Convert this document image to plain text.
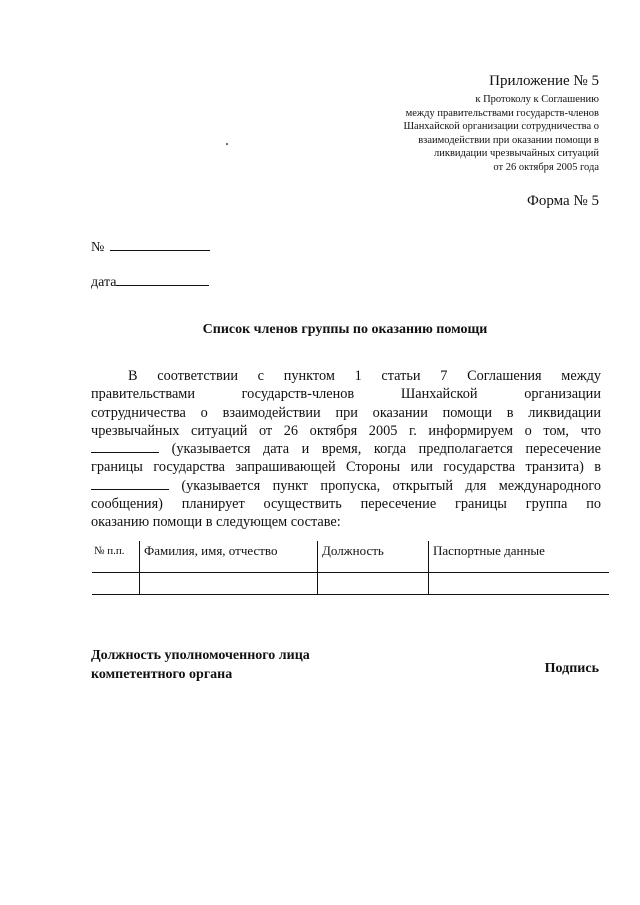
Приложение № 5
к Протоколу к Соглашению
между правительствами государств-членов
Шанхайской организации сотрудничества о
взаимодействии при оказании помощи в
ликвидации чрезвычайных ситуаций
от 26 октября 2005 года
Форма № 5
№
дата
Список членов группы по оказанию помощи
В соответствии с пунктом 1 статьи 7 Соглашения между
правительствами государств-членов Шанхайской организации
сотрудничества о взаимодействии при оказании помощи в ликвидации
чрезвычайных ситуаций от 26 октября 2005 г. информируем о том, что
(указывается дата и время, когда предполагается пересечение
границы государства запрашивающей Стороны или государства транзита) в
(указывается пункт пропуска, открытый для международного
сообщения) планирует осуществить пересечение границы группа по
оказанию помощи в следующем составе:
№ п.п.	Фамилия, имя, отчество	Должность	Паспортные данные

Должность уполномоченного лица
компетентного органа	Подпись
